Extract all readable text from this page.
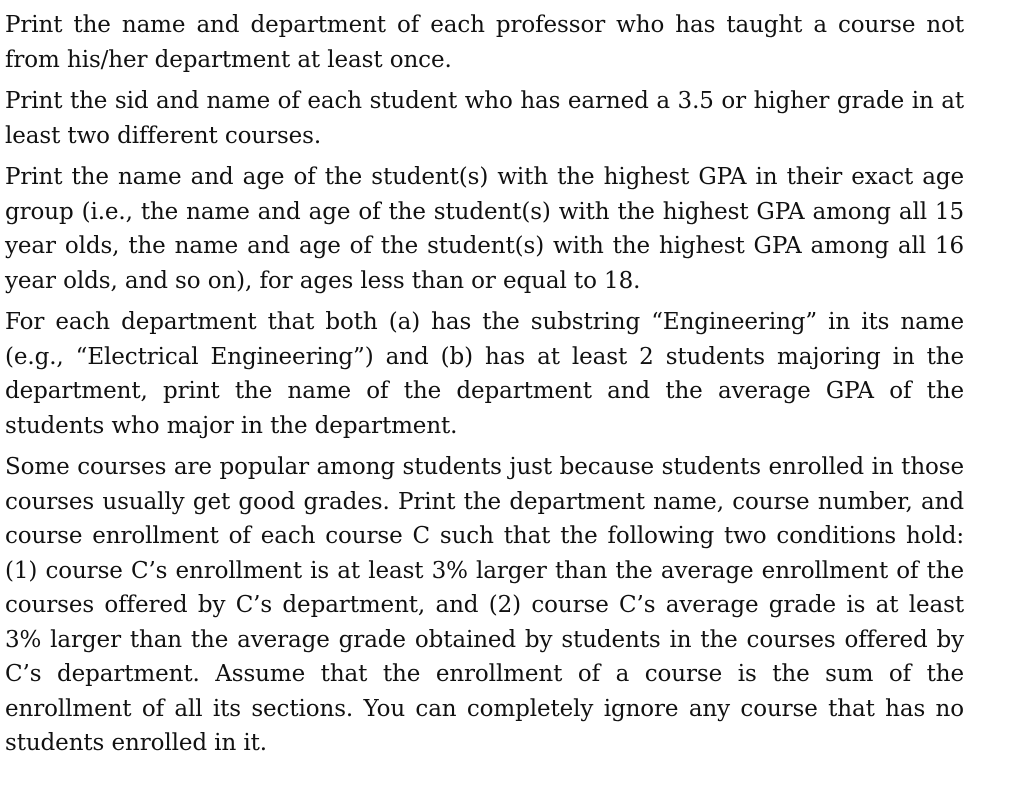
Print the name and department of each professor who has taught a course not from his/her department at least once.

Print the sid and name of each student who has earned a 3.5 or higher grade in at least two different courses.

Print the name and age of the student(s) with the highest GPA in their exact age group (i.e., the name and age of the student(s) with the highest GPA among all 15 year olds, the name and age of the student(s) with the highest GPA among all 16 year olds, and so on), for ages less than or equal to 18.

For each department that both (a) has the substring “Engineering” in its name (e.g., “Electrical Engineering”) and (b) has at least 2 students majoring in the department, print the name of the department and the average GPA of the students who major in the department.

Some courses are popular among students just because students enrolled in those courses usually get good grades. Print the department name, course number, and course enrollment of each course C such that the following two conditions hold: (1) course C’s enrollment is at least 3% larger than the average enrollment of the courses offered by C’s department, and (2) course C’s average grade is at least 3% larger than the average grade obtained by students in the courses offered by C’s department. Assume that the enrollment of a course is the sum of the enrollment of all its sections. You can completely ignore any course that has no students enrolled in it.
